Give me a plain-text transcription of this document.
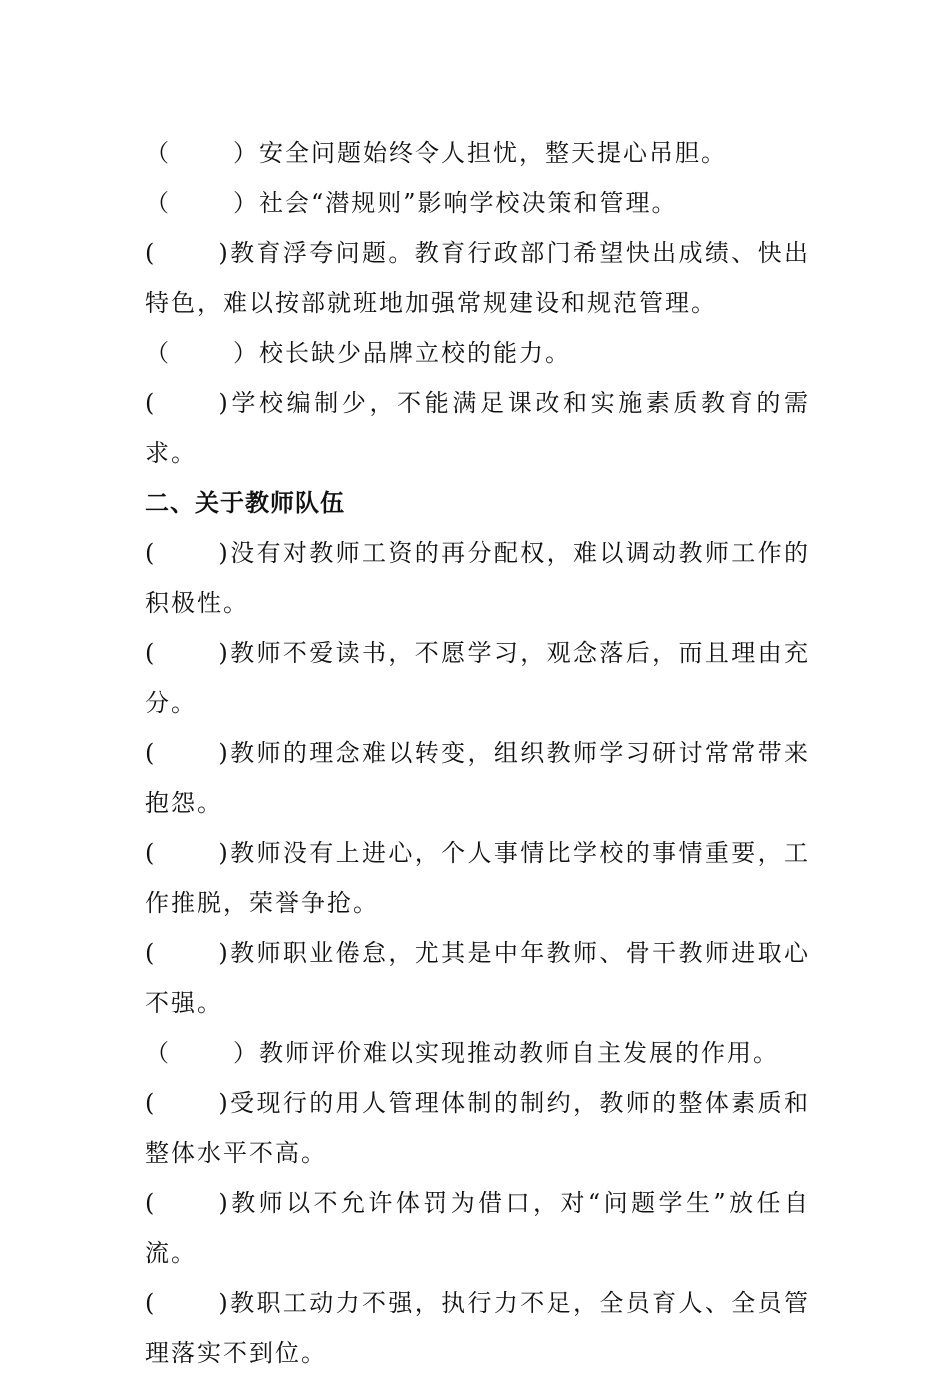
（	）安全问题始终令人担忧，整天提心吊胆。

（	）社会“潜规则”影响学校决策和管理。

(	)教育浮夸问题。教育行政部门希望快出成绩、快出特色，难以按部就班地加强常规建设和规范管理。

（	）校长缺少品牌立校的能力。

(	)学校编制少，不能满足课改和实施素质教育的需求。

二、关于教师队伍

(	)没有对教师工资的再分配权，难以调动教师工作的积极性。

(	)教师不爱读书，不愿学习，观念落后，而且理由充分。

(	)教师的理念难以转变，组织教师学习研讨常常带来抱怨。

(	)教师没有上进心，个人事情比学校的事情重要，工作推脱，荣誉争抢。

(	)教师职业倦怠，尤其是中年教师、骨干教师进取心不强。

（	）教师评价难以实现推动教师自主发展的作用。

(	)受现行的用人管理体制的制约，教师的整体素质和整体水平不高。

(	)教师以不允许体罚为借口，对“问题学生”放任自流。

(	)教职工动力不强，执行力不足，全员育人、全员管理落实不到位。
